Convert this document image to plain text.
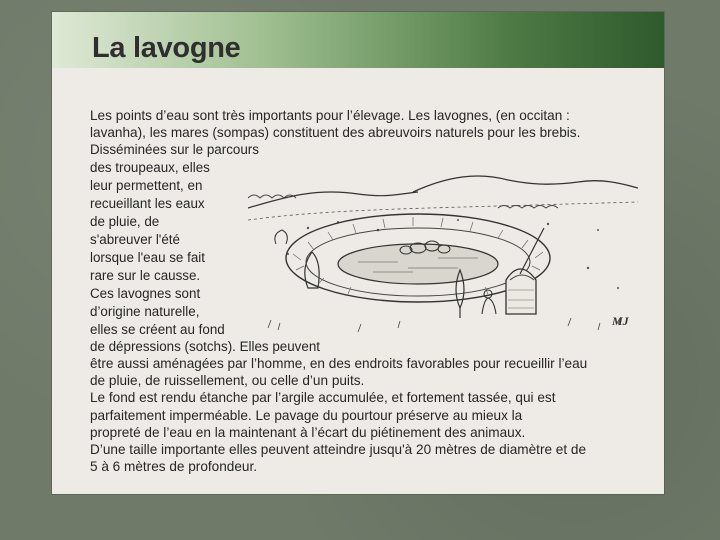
La lavogne
Les points d’eau sont très importants pour l’élevage. Les lavognes, (en occitan :
lavanha), les mares (sompas) constituent des abreuvoirs naturels pour les brebis.
Disséminées sur le parcours
des troupeaux, elles
leur permettent, en
recueillant les eaux
de pluie, de
s'abreuver l'été
lorsque l'eau se fait
rare sur le causse.
Ces lavognes sont
d’origine naturelle,
elles se créent au fond
de dépressions (sotchs). Elles peuvent
être aussi aménagées par l’homme, en des endroits favorables pour recueillir l’eau
de pluie, de ruissellement, ou celle d’un puits.
Le fond est rendu étanche par l’argile accumulée, et fortement tassée, qui est
parfaitement imperméable. Le pavage du pourtour préserve au mieux la
propreté de l’eau en la maintenant à l’écart du piétinement des animaux.
D’une taille importante elles peuvent atteindre jusqu'à 20 mètres de diamètre et de
5 à 6 mètres de profondeur.
MJ
